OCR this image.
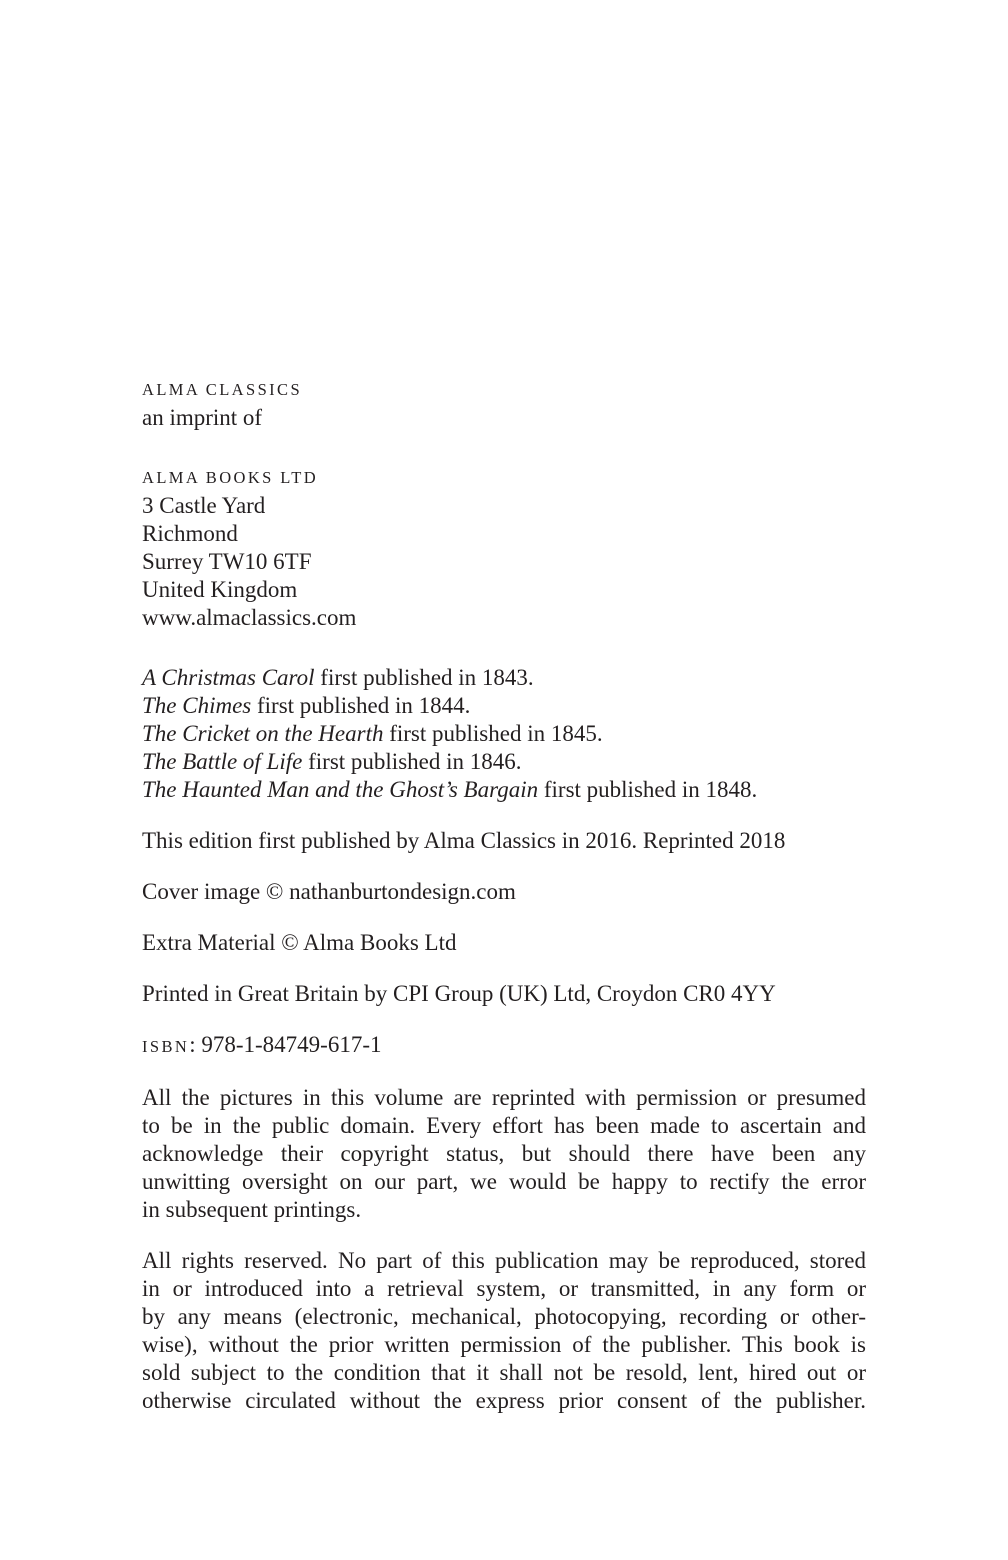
ALMA CLASSICS
an imprint of
ALMA BOOKS LTD
3 Castle Yard
Richmond
Surrey TW10 6TF
United Kingdom
www.almaclassics.com
A Christmas Carol first published in 1843.
The Chimes first published in 1844.
The Cricket on the Hearth first published in 1845.
The Battle of Life first published in 1846.
The Haunted Man and the Ghost’s Bargain first published in 1848.
This edition first published by Alma Classics in 2016. Reprinted 2018
Cover image © nathanburtondesign.com
Extra Material © Alma Books Ltd
Printed in Great Britain by CPI Group (UK) Ltd, Croydon CR0 4YY
ISBN: 978-1-84749-617-1
All the pictures in this volume are reprinted with permission or presumed
to be in the public domain. Every effort has been made to ascertain and
acknowledge their copyright status, but should there have been any
unwitting oversight on our part, we would be happy to rectify the error
in subsequent printings.
All rights reserved. No part of this publication may be reproduced, stored
in or introduced into a retrieval system, or transmitted, in any form or
by any means (electronic, mechanical, photocopying, recording or other-
wise), without the prior written permission of the publisher. This book is
sold subject to the condition that it shall not be resold, lent, hired out or
otherwise circulated without the express prior consent of the publisher.
